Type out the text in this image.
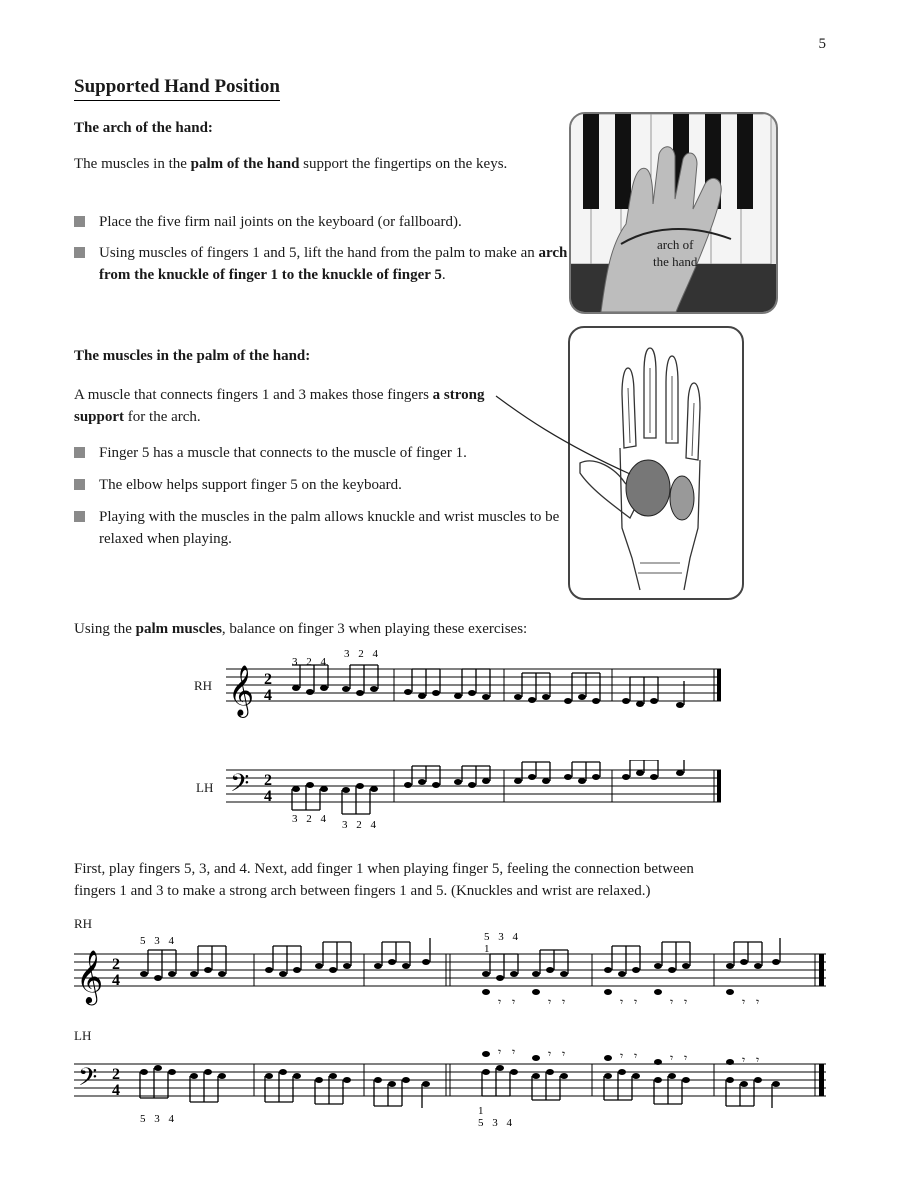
5
Supported Hand Position
The arch of the hand:
The muscles in the palm of the hand support the fingertips on the keys.
Place the five firm nail joints on the keyboard (or fallboard).
Using muscles of fingers 1 and 5, lift the hand from the palm to make an arch from the knuckle of finger 1 to the knuckle of finger 5.
arch of
the hand
The muscles in the palm of the hand:
A muscle that connects fingers 1 and 3 makes those fingers a strong support for the arch.
Finger 5 has a muscle that connects to the muscle of finger 1.
The elbow helps support finger 5 on the keyboard.
Playing with the muscles in the palm allows knuckle and wrist muscles to be relaxed when playing.
Using the palm muscles, balance on finger 3 when playing these exercises:
RH 𝄞 2
4
3 2 4
3 2 4
LH 𝄢 2
4
3 2 4 3 2 4
First, play fingers 5, 3, and 4. Next, add finger 1 when playing finger 5, feeling the connection between
fingers 1 and 3 to make a strong arch between fingers 1 and 5. (Knuckles and wrist are relaxed.)
RH
𝄞 2
4
5 3 4	5 3 4
1
𝄾 𝄾	𝄾 𝄾	𝄾 𝄾	𝄾 𝄾	𝄾 𝄾
LH
𝄢 2
4
𝄾 𝄾	𝄾 𝄾	𝄾 𝄾	𝄾 𝄾	𝄾 𝄾
5 3 4
1
5 3 4
